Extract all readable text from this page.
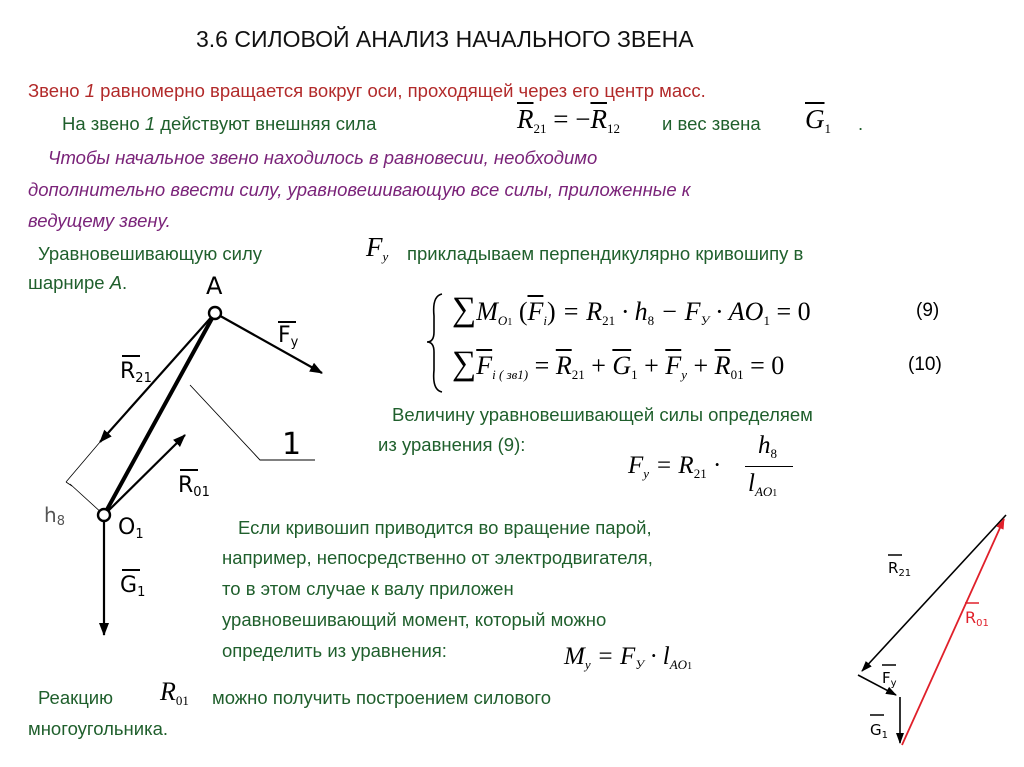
3.6 СИЛОВОЙ АНАЛИЗ НАЧАЛЬНОГО ЗВЕНА
Звено 1 равномерно вращается вокруг оси, проходящей через его центр масс.
На звено 1 действуют внешняя сила	$\overline{R}_{21} = -\overline{R}_{12}$ и вес звена $\overline{G}_1$ .
Чтобы начальное звено находилось в равновесии, необходимо
дополнительно ввести силу, уравновешивающую все силы, приложенные к
ведущему звену.
Уравновешивающую силу	$F_y$ прикладываем перпендикулярно кривошипу в
шарнире А.
$\sum M_{O1}$ $(\overline{F}_i) = R_{21} \cdot h_8 - F_У \cdot AO_1 = 0$	(9)
$\sum\overline{F}_{i ( зв1)} = \overline{R}_{21} + \overline{G}_1 + \overline{F}_y + \overline{R}_{01} = 0$	(10)
Величину уравновешивающей силы определяем
из уравнения (9):
$F_y = R_{21}$ ·
$h_8$
$l_{AO1}$
Если кривошип приводится во вращение парой,
например, непосредственно от электродвигателя,
то в этом случае к валу приложен
уравновешивающий момент, который можно
определить из уравнения:	$M_y = F_У \cdot l_{AO1}$
Реакцию $R_{01}$ можно получить построением силового
многоугольника.
A
Fy
R21
1
R01
h8 O1
G1
$R_{21}$
R01
$F_y$
$G_1$
